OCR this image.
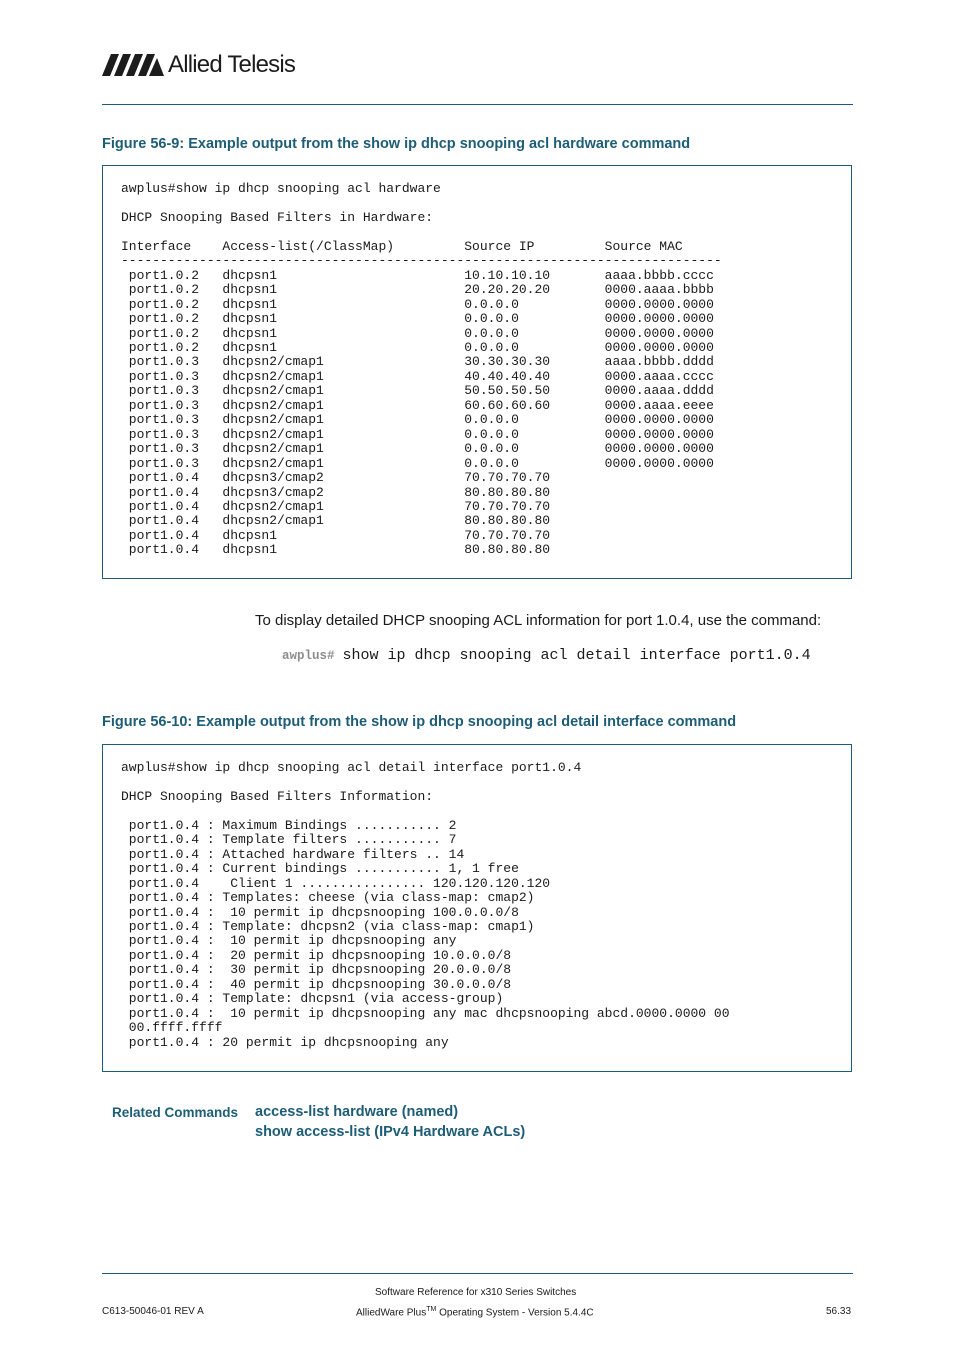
Allied Telesis
Figure 56-9: Example output from the show ip dhcp snooping acl hardware command
awplus#show ip dhcp snooping acl hardware

DHCP Snooping Based Filters in Hardware:

Interface    Access-list(/ClassMap)         Source IP         Source MAC
-----------------------------------------------------------------------------
port1.0.2   dhcpsn1                        10.10.10.10       aaaa.bbbb.cccc
port1.0.2   dhcpsn1                        20.20.20.20       0000.aaaa.bbbb
port1.0.2   dhcpsn1                        0.0.0.0           0000.0000.0000
port1.0.2   dhcpsn1                        0.0.0.0           0000.0000.0000
port1.0.2   dhcpsn1                        0.0.0.0           0000.0000.0000
port1.0.2   dhcpsn1                        0.0.0.0           0000.0000.0000
port1.0.3   dhcpsn2/cmap1                  30.30.30.30       aaaa.bbbb.dddd
port1.0.3   dhcpsn2/cmap1                  40.40.40.40       0000.aaaa.cccc
port1.0.3   dhcpsn2/cmap1                  50.50.50.50       0000.aaaa.dddd
port1.0.3   dhcpsn2/cmap1                  60.60.60.60       0000.aaaa.eeee
port1.0.3   dhcpsn2/cmap1                  0.0.0.0           0000.0000.0000
port1.0.3   dhcpsn2/cmap1                  0.0.0.0           0000.0000.0000
port1.0.3   dhcpsn2/cmap1                  0.0.0.0           0000.0000.0000
port1.0.3   dhcpsn2/cmap1                  0.0.0.0           0000.0000.0000
port1.0.4   dhcpsn3/cmap2                  70.70.70.70
port1.0.4   dhcpsn3/cmap2                  80.80.80.80
port1.0.4   dhcpsn2/cmap1                  70.70.70.70
port1.0.4   dhcpsn2/cmap1                  80.80.80.80
port1.0.4   dhcpsn1                        70.70.70.70
port1.0.4   dhcpsn1                        80.80.80.80
To display detailed DHCP snooping ACL information for port 1.0.4, use the command:
awplus# show ip dhcp snooping acl detail interface port1.0.4
Figure 56-10: Example output from the show ip dhcp snooping acl detail interface command
awplus#show ip dhcp snooping acl detail interface port1.0.4

DHCP Snooping Based Filters Information:

port1.0.4 : Maximum Bindings ........... 2
port1.0.4 : Template filters ........... 7
port1.0.4 : Attached hardware filters .. 14
port1.0.4 : Current bindings ........... 1, 1 free
port1.0.4    Client 1 ................ 120.120.120.120
port1.0.4 : Templates: cheese (via class-map: cmap2)
port1.0.4 :  10 permit ip dhcpsnooping 100.0.0.0/8
port1.0.4 : Template: dhcpsn2 (via class-map: cmap1)
port1.0.4 :  10 permit ip dhcpsnooping any
port1.0.4 :  20 permit ip dhcpsnooping 10.0.0.0/8
port1.0.4 :  30 permit ip dhcpsnooping 20.0.0.0/8
port1.0.4 :  40 permit ip dhcpsnooping 30.0.0.0/8
port1.0.4 : Template: dhcpsn1 (via access-group)
port1.0.4 :  10 permit ip dhcpsnooping any mac dhcpsnooping abcd.0000.0000 00
00.ffff.ffff
port1.0.4 : 20 permit ip dhcpsnooping any
Related Commands access-list hardware (named)
show access-list (IPv4 Hardware ACLs)
Software Reference for x310 Series Switches
C613-50046-01 REV A	AlliedWare Plus™ Operating System - Version 5.4.4C	56.33
